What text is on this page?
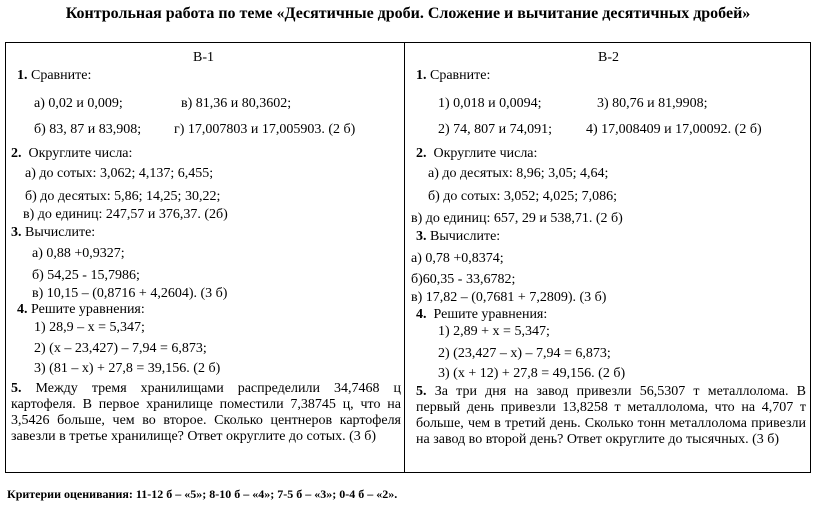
Контрольная работа по теме «Десятичные дроби. Сложение и вычитание десятичных дробей»
В-1
1. Сравните:
а) 0,02 и 0,009;	в) 81,36 и 80,3602;
б) 83, 87 и 83,908; г) 17,007803 и 17,005903. (2 б)
2. Округлите числа:
а) до сотых: 3,062; 4,137; 6,455;
б) до десятых: 5,86; 14,25; 30,22;
в) до единиц: 247,57 и 376,37. (2б)
3. Вычислите:
а) 0,88 +0,9327;
б) 54,25 - 15,7986;
в) 10,15 – (0,8716 + 4,2604). (3 б)
4. Решите уравнения:
1) 28,9 – х = 5,347;
2) (х – 23,427) – 7,94 = 6,873;
3) (81 – х) + 27,8 = 39,156. (2 б)
5. Между тремя хранилищами распределили 34,7468 ц картофеля. В первое хранилище поместили 7,38745 ц, что на 3,5426 больше, чем во второе. Сколько центнеров картофеля завезли в третье хранилище? Ответ округлите до сотых. (3 б)
В-2
1. Сравните:
1) 0,018 и 0,0094;	3) 80,76 и 81,9908;
2) 74, 807 и 74,091; 4) 17,008409 и 17,00092. (2 б)
2. Округлите числа:
а) до десятых: 8,96; 3,05; 4,64;
б) до сотых: 3,052; 4,025; 7,086;
в) до единиц: 657, 29 и 538,71. (2 б)
3. Вычислите:
а) 0,78 +0,8374;
б)60,35 - 33,6782;
в) 17,82 – (0,7681 + 7,2809). (3 б)
4. Решите уравнения:
1) 2,89 + х = 5,347;
2) (23,427 – х) – 7,94 = 6,873;
3) (х + 12) + 27,8 = 49,156. (2 б)
5. За три дня на завод привезли 56,5307 т металлолома. В первый день привезли 13,8258 т металлолома, что на 4,707 т больше, чем в третий день. Сколько тонн металлолома привезли на завод во второй день? Ответ округлите до тысячных. (3 б)
Критерии оценивания: 11-12 б – «5»; 8-10 б – «4»; 7-5 б – «3»; 0-4 б – «2».
